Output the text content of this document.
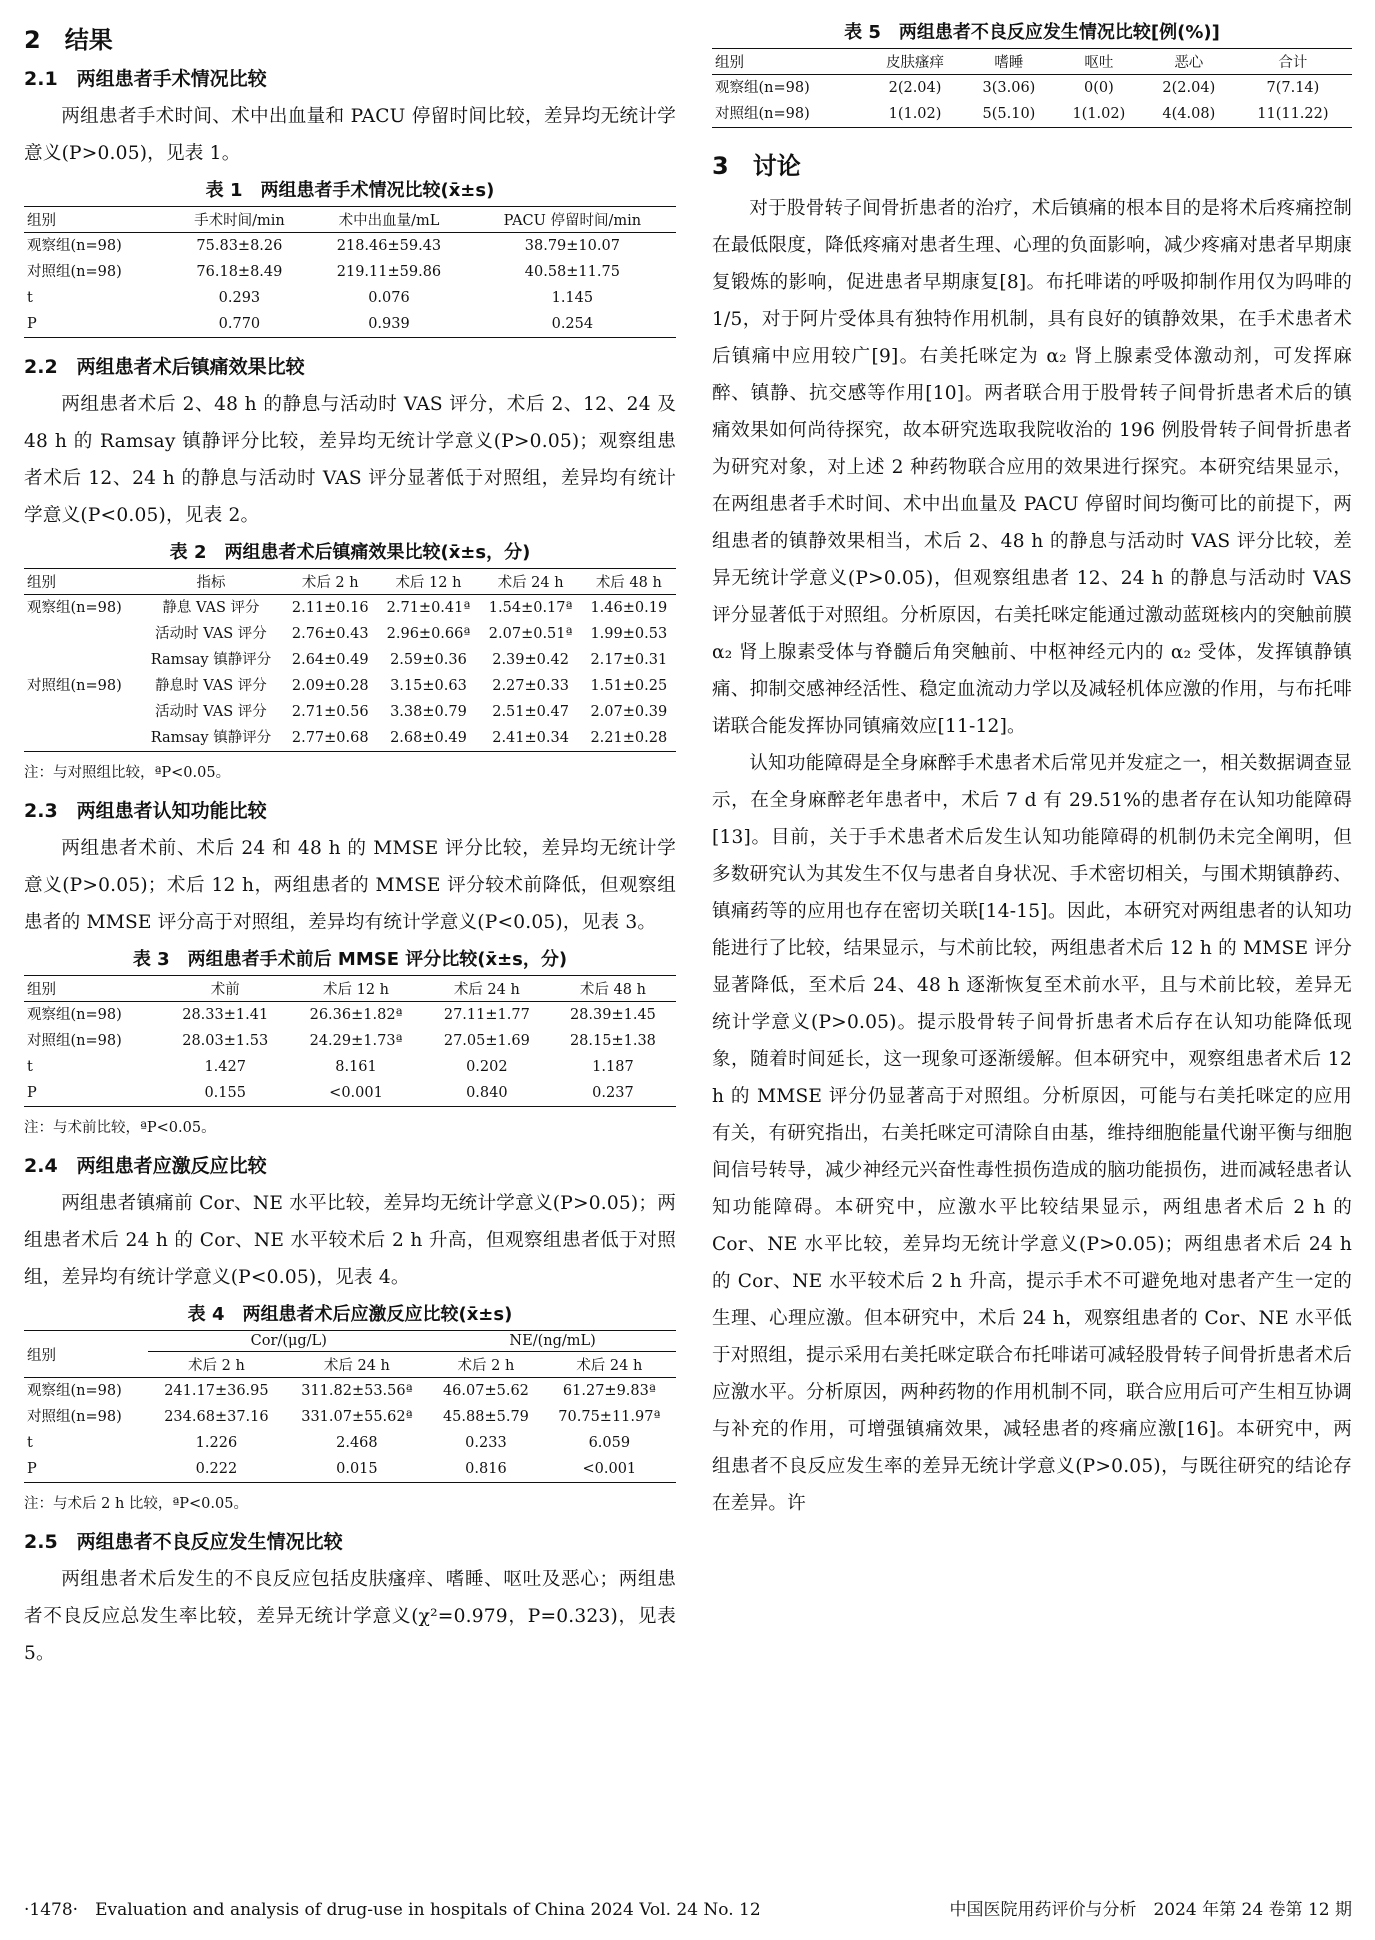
2　结果
2.1　两组患者手术情况比较

两组患者手术时间、术中出血量和 PACU 停留时间比较，差异均无统计学意义(P>0.05)，见表 1。

表 1　两组患者手术情况比较(x̄±s)
组别	手术时间/min	术中出血量/mL	PACU 停留时间/min
观察组(n=98)	75.83±8.26	218.46±59.43	38.79±10.07
对照组(n=98)	76.18±8.49	219.11±59.86	40.58±11.75
t	0.293	0.076	1.145
P	0.770	0.939	0.254
2.2　两组患者术后镇痛效果比较

两组患者术后 2、48 h 的静息与活动时 VAS 评分，术后 2、12、24 及 48 h 的 Ramsay 镇静评分比较，差异均无统计学意义(P>0.05)；观察组患者术后 12、24 h 的静息与活动时 VAS 评分显著低于对照组，差异均有统计学意义(P<0.05)，见表 2。

表 2　两组患者术后镇痛效果比较(x̄±s，分)
组别	指标	术后 2 h	术后 12 h	术后 24 h	术后 48 h
观察组(n=98)	静息 VAS 评分	2.11±0.16	2.71±0.41ª	1.54±0.17ª	1.46±0.19
	活动时 VAS 评分	2.76±0.43	2.96±0.66ª	2.07±0.51ª	1.99±0.53
	Ramsay 镇静评分	2.64±0.49	2.59±0.36	2.39±0.42	2.17±0.31
对照组(n=98)	静息时 VAS 评分	2.09±0.28	3.15±0.63	2.27±0.33	1.51±0.25
	活动时 VAS 评分	2.71±0.56	3.38±0.79	2.51±0.47	2.07±0.39
	Ramsay 镇静评分	2.77±0.68	2.68±0.49	2.41±0.34	2.21±0.28
注：与对照组比较，ªP<0.05。
2.3　两组患者认知功能比较

两组患者术前、术后 24 和 48 h 的 MMSE 评分比较，差异均无统计学意义(P>0.05)；术后 12 h，两组患者的 MMSE 评分较术前降低，但观察组患者的 MMSE 评分高于对照组，差异均有统计学意义(P<0.05)，见表 3。

表 3　两组患者手术前后 MMSE 评分比较(x̄±s，分)
组别	术前	术后 12 h	术后 24 h	术后 48 h
观察组(n=98)	28.33±1.41	26.36±1.82ª	27.11±1.77	28.39±1.45
对照组(n=98)	28.03±1.53	24.29±1.73ª	27.05±1.69	28.15±1.38
t	1.427	8.161	0.202	1.187
P	0.155	<0.001	0.840	0.237
注：与术前比较，ªP<0.05。
2.4　两组患者应激反应比较

两组患者镇痛前 Cor、NE 水平比较，差异均无统计学意义(P>0.05)；两组患者术后 24 h 的 Cor、NE 水平较术后 2 h 升高，但观察组患者低于对照组，差异均有统计学意义(P<0.05)，见表 4。

表 4　两组患者术后应激反应比较(x̄±s)
组别	Cor/(μg/L)		NE/(ng/mL)	
	术后 2 h	术后 24 h	术后 2 h	术后 24 h
观察组(n=98)	241.17±36.95	311.82±53.56ª	46.07±5.62	61.27±9.83ª
对照组(n=98)	234.68±37.16	331.07±55.62ª	45.88±5.79	70.75±11.97ª
t	1.226	2.468	0.233	6.059
P	0.222	0.015	0.816	<0.001
注：与术后 2 h 比较，ªP<0.05。
2.5　两组患者不良反应发生情况比较

两组患者术后发生的不良反应包括皮肤瘙痒、嗜睡、呕吐及恶心；两组患者不良反应总发生率比较，差异无统计学意义(χ²=0.979，P=0.323)，见表 5。

表 5　两组患者不良反应发生情况比较[例(%)]
组别	皮肤瘙痒	嗜睡	呕吐	恶心	合计
观察组(n=98)	2(2.04)	3(3.06)	0(0)	2(2.04)	7(7.14)
对照组(n=98)	1(1.02)	5(5.10)	1(1.02)	4(4.08)	11(11.22)
3　讨论

对于股骨转子间骨折患者的治疗，术后镇痛的根本目的是将术后疼痛控制在最低限度，降低疼痛对患者生理、心理的负面影响，减少疼痛对患者早期康复锻炼的影响，促进患者早期康复[8]。布托啡诺的呼吸抑制作用仅为吗啡的 1/5，对于阿片受体具有独特作用机制，具有良好的镇静效果，在手术患者术后镇痛中应用较广[9]。右美托咪定为 α₂ 肾上腺素受体激动剂，可发挥麻醉、镇静、抗交感等作用[10]。两者联合用于股骨转子间骨折患者术后的镇痛效果如何尚待探究，故本研究选取我院收治的 196 例股骨转子间骨折患者为研究对象，对上述 2 种药物联合应用的效果进行探究。本研究结果显示，在两组患者手术时间、术中出血量及 PACU 停留时间均衡可比的前提下，两组患者的镇静效果相当，术后 2、48 h 的静息与活动时 VAS 评分比较，差异无统计学意义(P>0.05)，但观察组患者 12、24 h 的静息与活动时 VAS 评分显著低于对照组。分析原因，右美托咪定能通过激动蓝斑核内的突触前膜 α₂ 肾上腺素受体与脊髓后角突触前、中枢神经元内的 α₂ 受体，发挥镇静镇痛、抑制交感神经活性、稳定血流动力学以及减轻机体应激的作用，与布托啡诺联合能发挥协同镇痛效应[11-12]。

认知功能障碍是全身麻醉手术患者术后常见并发症之一，相关数据调查显示，在全身麻醉老年患者中，术后 7 d 有 29.51%的患者存在认知功能障碍[13]。目前，关于手术患者术后发生认知功能障碍的机制仍未完全阐明，但多数研究认为其发生不仅与患者自身状况、手术密切相关，与围术期镇静药、镇痛药等的应用也存在密切关联[14-15]。因此，本研究对两组患者的认知功能进行了比较，结果显示，与术前比较，两组患者术后 12 h 的 MMSE 评分显著降低，至术后 24、48 h 逐渐恢复至术前水平，且与术前比较，差异无统计学意义(P>0.05)。提示股骨转子间骨折患者术后存在认知功能降低现象，随着时间延长，这一现象可逐渐缓解。但本研究中，观察组患者术后 12 h 的 MMSE 评分仍显著高于对照组。分析原因，可能与右美托咪定的应用有关，有研究指出，右美托咪定可清除自由基，维持细胞能量代谢平衡与细胞间信号转导，减少神经元兴奋性毒性损伤造成的脑功能损伤，进而减轻患者认知功能障碍。本研究中，应激水平比较结果显示，两组患者术后 2 h 的 Cor、NE 水平比较，差异均无统计学意义(P>0.05)；两组患者术后 24 h 的 Cor、NE 水平较术后 2 h 升高，提示手术不可避免地对患者产生一定的生理、心理应激。但本研究中，术后 24 h，观察组患者的 Cor、NE 水平低于对照组，提示采用右美托咪定联合布托啡诺可减轻股骨转子间骨折患者术后应激水平。分析原因，两种药物的作用机制不同，联合应用后可产生相互协调与补充的作用，可增强镇痛效果，减轻患者的疼痛应激[16]。本研究中，两组患者不良反应发生率的差异无统计学意义(P>0.05)，与既往研究的结论存在差异。许

·1478·　Evaluation and analysis of drug-use in hospitals of China 2024 Vol. 24 No. 12	中国医院用药评价与分析　2024 年第 24 卷第 12 期
